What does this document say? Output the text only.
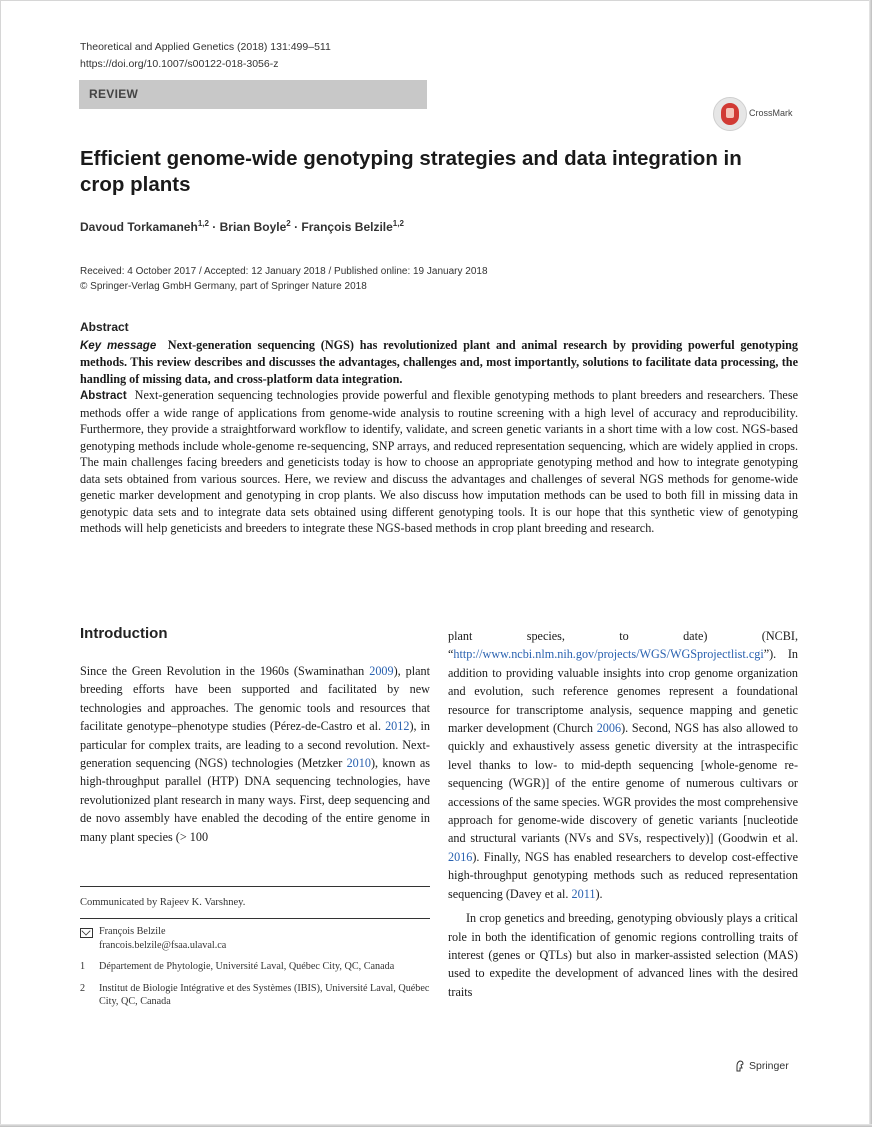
Theoretical and Applied Genetics (2018) 131:499–511
https://doi.org/10.1007/s00122-018-3056-z
REVIEW
CrossMark
Efficient genome-wide genotyping strategies and data integration in crop plants
Davoud Torkamaneh$^{1,2}$ · Brian Boyle$^2$ · François Belzile$^{1,2}$
Received: 4 October 2017 / Accepted: 12 January 2018 / Published online: 19 January 2018
© Springer-Verlag GmbH Germany, part of Springer Nature 2018
Abstract
Key message Next-generation sequencing (NGS) has revolutionized plant and animal research by providing powerful genotyping methods. This review describes and discusses the advantages, challenges and, most importantly, solutions to facilitate data processing, the handling of missing data, and cross-platform data integration.
Abstract Next-generation sequencing technologies provide powerful and flexible genotyping methods to plant breeders and researchers. These methods offer a wide range of applications from genome-wide analysis to routine screening with a high level of accuracy and reproducibility. Furthermore, they provide a straightforward workflow to identify, validate, and screen genetic variants in a short time with a low cost. NGS-based genotyping methods include whole-genome re-sequencing, SNP arrays, and reduced representation sequencing, which are widely applied in crops. The main challenges facing breeders and geneticists today is how to choose an appropriate genotyping method and how to integrate genotyping data sets obtained from various sources. Here, we review and discuss the advantages and challenges of several NGS methods for genome-wide genetic marker development and genotyping in crop plants. We also discuss how imputation methods can be used to both fill in missing data in genotypic data sets and to integrate data sets obtained using different genotyping tools. It is our hope that this synthetic view of genotyping methods will help geneticists and breeders to integrate these NGS-based methods in crop plant breeding and research.
Introduction

Since the Green Revolution in the 1960s (Swaminathan 2009), plant breeding efforts have been supported and facilitated by new technologies and approaches. The genomic tools and resources that facilitate genotype–phenotype studies (Pérez-de-Castro et al. 2012), in particular for complex traits, are leading to a second revolution. Next-generation sequencing (NGS) technologies (Metzker 2010), known as high-throughput parallel (HTP) DNA sequencing technologies, have revolutionized plant research in many ways. First, deep sequencing and de novo assembly have enabled the decoding of the entire genome in many plant species (> 100

Communicated by Rajeev K. Varshney.
François Belzile
francois.belzile@fsaa.ulaval.ca
1	Département de Phytologie, Université Laval, Québec City, QC, Canada
2	Institut de Biologie Intégrative et des Systèmes (IBIS), Université Laval, Québec City, QC, Canada

plant species, to date) (NCBI, “http://www.ncbi.nlm.nih.gov/projects/WGS/WGSprojectlist.cgi”). In addition to providing valuable insights into crop genome organization and evolution, such reference genomes represent a foundational resource for transcriptome analysis, sequence mapping and genetic marker development (Church 2006). Second, NGS has also allowed to quickly and exhaustively assess genetic diversity at the intraspecific level thanks to low- to mid-depth sequencing [whole-genome re-sequencing (WGR)] of the entire genome of numerous cultivars or accessions of the same species. WGR provides the most comprehensive approach for genome-wide discovery of genetic variants [nucleotide and structural variants (NVs and SVs, respectively)] (Goodwin et al. 2016). Finally, NGS has enabled researchers to develop cost-effective high-throughput genotyping methods such as reduced representation sequencing (Davey et al. 2011).

In crop genetics and breeding, genotyping obviously plays a critical role in both the identification of genomic regions controlling traits of interest (genes or QTLs) but also in marker-assisted selection (MAS) used to expedite the development of advanced lines with the desired traits

Springer
